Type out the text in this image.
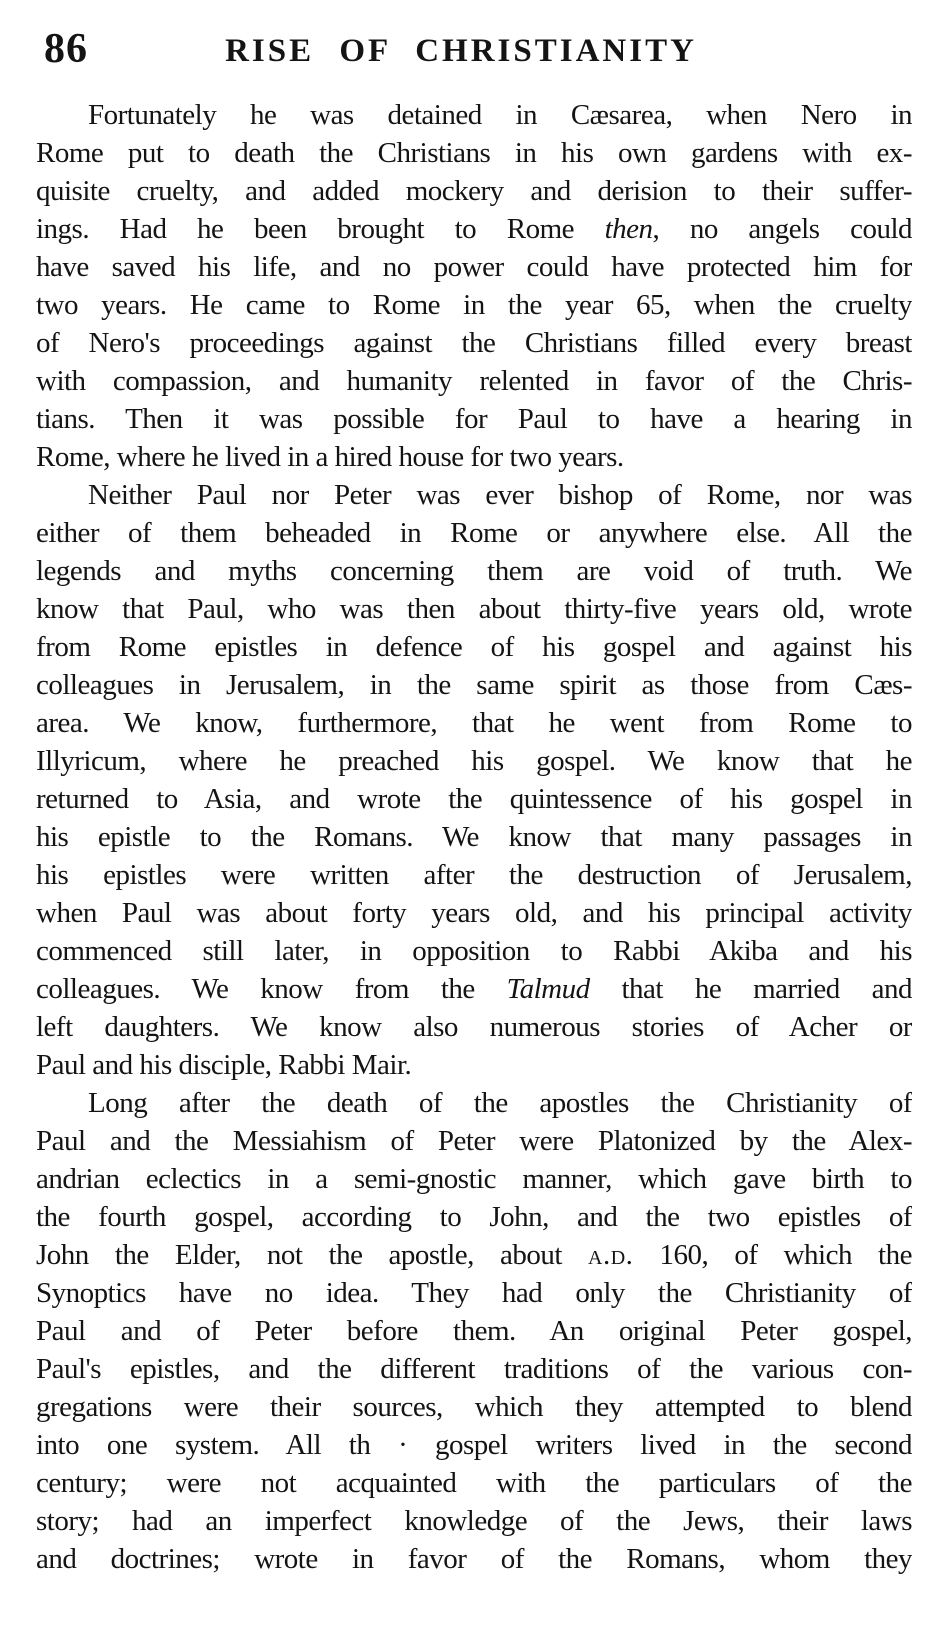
86	RISE OF CHRISTIANITY
Fortunately he was detained in Cæsarea, when Nero in
Rome put to death the Christians in his own gardens with ex-
quisite cruelty, and added mockery and derision to their suffer-
ings. Had he been brought to Rome then, no angels could
have saved his life, and no power could have protected him for
two years. He came to Rome in the year 65, when the cruelty
of Nero's proceedings against the Christians filled every breast
with compassion, and humanity relented in favor of the Chris-
tians. Then it was possible for Paul to have a hearing in
Rome, where he lived in a hired house for two years.
Neither Paul nor Peter was ever bishop of Rome, nor was
either of them beheaded in Rome or anywhere else. All the
legends and myths concerning them are void of truth. We
know that Paul, who was then about thirty-five years old, wrote
from Rome epistles in defence of his gospel and against his
colleagues in Jerusalem, in the same spirit as those from Cæs-
area. We know, furthermore, that he went from Rome to
Illyricum, where he preached his gospel. We know that he
returned to Asia, and wrote the quintessence of his gospel in
his epistle to the Romans. We know that many passages in
his epistles were written after the destruction of Jerusalem,
when Paul was about forty years old, and his principal activity
commenced still later, in opposition to Rabbi Akiba and his
colleagues. We know from the Talmud that he married and
left daughters. We know also numerous stories of Acher or
Paul and his disciple, Rabbi Mair.
Long after the death of the apostles the Christianity of
Paul and the Messiahism of Peter were Platonized by the Alex-
andrian eclectics in a semi-gnostic manner, which gave birth to
the fourth gospel, according to John, and the two epistles of
John the Elder, not the apostle, about a.d. 160, of which the
Synoptics have no idea. They had only the Christianity of
Paul and of Peter before them. An original Peter gospel,
Paul's epistles, and the different traditions of the various con-
gregations were their sources, which they attempted to blend
into one system. All th · gospel writers lived in the second
century; were not acquainted with the particulars of the
story; had an imperfect knowledge of the Jews, their laws
and doctrines; wrote in favor of the Romans, whom they
